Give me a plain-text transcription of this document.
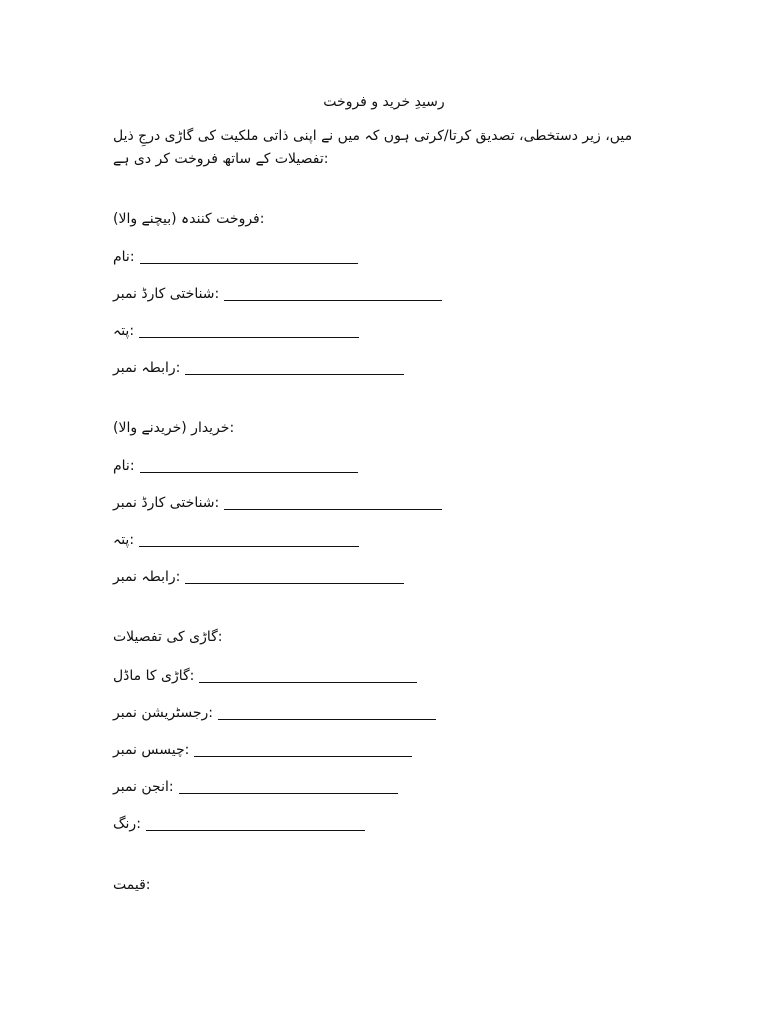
رسیدِ خرید و فروخت
میں، زیر دستخطی، تصدیق کرتا/کرتی ہوں کہ میں نے اپنی ذاتی ملکیت کی گاڑی درجِ ذیل
تفصیلات کے ساتھ فروخت کر دی ہے:
فروخت کنندہ (بیچنے والا):
نام:
شناختی کارڈ نمبر:
پتہ:
رابطہ نمبر:
خریدار (خریدنے والا):
نام:
شناختی کارڈ نمبر:
پتہ:
رابطہ نمبر:
گاڑی کی تفصیلات:
گاڑی کا ماڈل:
رجسٹریشن نمبر:
چیسس نمبر:
انجن نمبر:
رنگ:
قیمت:
